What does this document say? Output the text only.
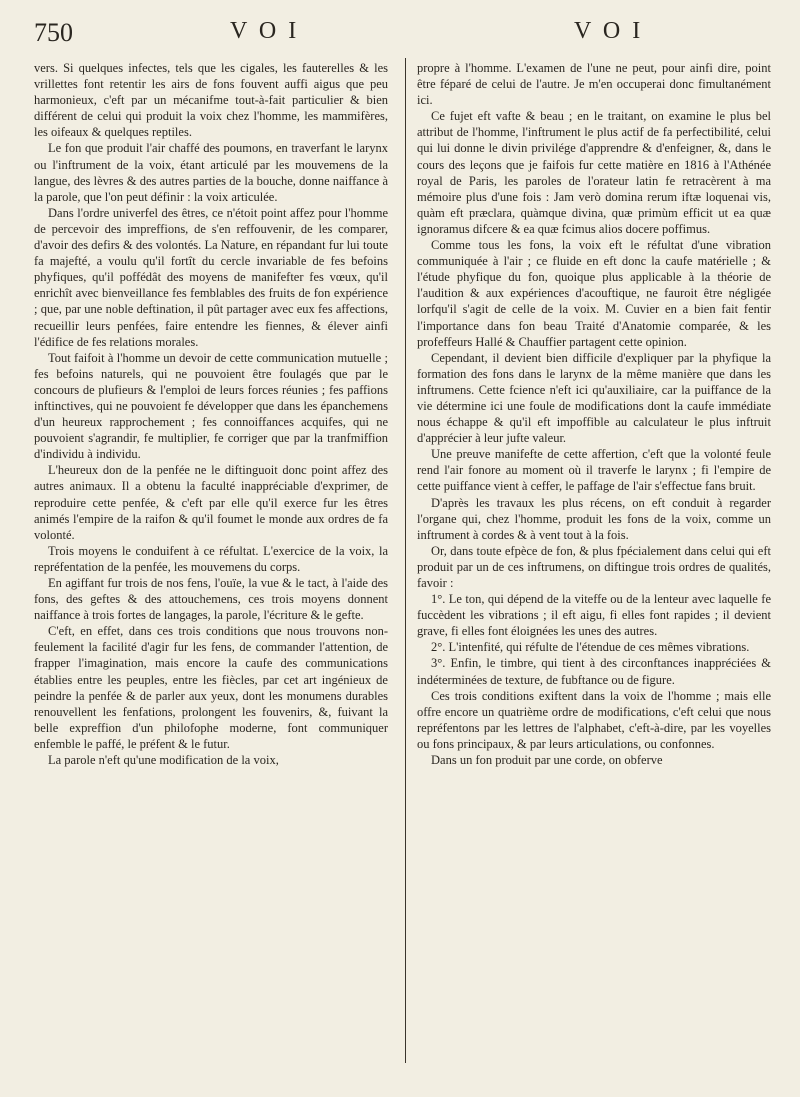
750	V O I	V O I

vers. Si quelques infectes, tels que les cigales, les fauterelles & les vrillettes font retentir les airs de fons fouvent auffi aigus que peu harmonieux, c'eft par un mécanifme tout-à-fait particulier & bien différent de celui qui produit la voix chez l'homme, les mammifères, les oifeaux & quelques reptiles.

Le fon que produit l'air chaffé des poumons, en traverfant le larynx ou l'inftrument de la voix, étant articulé par les mouvemens de la langue, des lèvres & des autres parties de la bouche, donne naiffance à la parole, que l'on peut définir : la voix articulée.

Dans l'ordre univerfel des êtres, ce n'étoit point affez pour l'homme de percevoir des impreffions, de s'en reffouvenir, de les comparer, d'avoir des defirs & des volontés. La Nature, en répandant fur lui toute fa majefté, a voulu qu'il fortît du cercle invariable de fes befoins phyfiques, qu'il poffédât des moyens de manifefter fes vœux, qu'il enrichît avec bienveillance fes femblables des fruits de fon expérience ; que, par une noble deftination, il pût partager avec eux fes affections, recueillir leurs penfées, faire entendre les fiennes, & élever ainfi l'édifice de fes relations morales.

Tout faifoit à l'homme un devoir de cette communication mutuelle ; fes befoins naturels, qui ne pouvoient être foulagés que par le concours de plufieurs & l'emploi de leurs forces réunies ; fes paffions inftinctives, qui ne pouvoient fe développer que dans les épanchemens d'un heureux rapprochement ; fes connoiffances acquifes, qui ne pouvoient s'agrandir, fe multiplier, fe corriger que par la tranfmiffion d'individu à individu.

L'heureux don de la penfée ne le diftinguoit donc point affez des autres animaux. Il a obtenu la faculté inappréciable d'exprimer, de reproduire cette penfée, & c'eft par elle qu'il exerce fur les êtres animés l'empire de la raifon & qu'il foumet le monde aux ordres de fa volonté.

Trois moyens le conduifent à ce réfultat. L'exercice de la voix, la repréfentation de la penfée, les mouvemens du corps.

En agiffant fur trois de nos fens, l'ouïe, la vue & le tact, à l'aide des fons, des geftes & des attouchemens, ces trois moyens donnent naiffance à trois fortes de langages, la parole, l'écriture & le gefte.

C'eft, en effet, dans ces trois conditions que nous trouvons non-feulement la facilité d'agir fur les fens, de commander l'attention, de frapper l'imagination, mais encore la caufe des communications établies entre les peuples, entre les fiècles, par cet art ingénieux de peindre la penfée & de parler aux yeux, dont les monumens durables renouvellent les fenfations, prolongent les fouvenirs, &, fuivant la belle expreffion d'un philofophe moderne, font communiquer enfemble le paffé, le préfent & le futur.

La parole n'eft qu'une modification de la voix,

propre à l'homme. L'examen de l'une ne peut, pour ainfi dire, point être féparé de celui de l'autre. Je m'en occuperai donc fimultanément ici.

Ce fujet eft vafte & beau ; en le traitant, on examine le plus bel attribut de l'homme, l'inftrument le plus actif de fa perfectibilité, celui qui lui donne le divin privilége d'apprendre & d'enfeigner, &, dans le cours des leçons que je faifois fur cette matière en 1816 à l'Athénée royal de Paris, les paroles de l'orateur latin fe retracèrent à ma mémoire plus d'une fois : Jam verò domina rerum iftæ loquenai vis, quàm eft præclara, quàmque divina, quæ primùm efficit ut ea quæ ignoramus difcere & ea quæ fcimus alios docere poffimus.

Comme tous les fons, la voix eft le réfultat d'une vibration communiquée à l'air ; ce fluide en eft donc la caufe matérielle ; & l'étude phyfique du fon, quoique plus applicable à la théorie de l'audition & aux expériences d'acouftique, ne fauroit être négligée lorfqu'il s'agit de celle de la voix. M. Cuvier en a bien fait fentir l'importance dans fon beau Traité d'Anatomie comparée, & les profeffeurs Hallé & Chauffier partagent cette opinion.

Cependant, il devient bien difficile d'expliquer par la phyfique la formation des fons dans le larynx de la même manière que dans les inftrumens. Cette fcience n'eft ici qu'auxiliaire, car la puiffance de la vie détermine ici une foule de modifications dont la caufe immédiate nous échappe & qu'il eft impoffible au calculateur le plus inftruit d'apprécier à leur jufte valeur.

Une preuve manifefte de cette affertion, c'eft que la volonté feule rend l'air fonore au moment où il traverfe le larynx ; fi l'empire de cette puiffance vient à ceffer, le paffage de l'air s'effectue fans bruit.

D'après les travaux les plus récens, on eft conduit à regarder l'organe qui, chez l'homme, produit les fons de la voix, comme un inftrument à cordes & à vent tout à la fois.

Or, dans toute efpèce de fon, & plus fpécialement dans celui qui eft produit par un de ces inftrumens, on diftingue trois ordres de qualités, favoir :

1°. Le ton, qui dépend de la viteffe ou de la lenteur avec laquelle fe fuccèdent les vibrations ; il eft aigu, fi elles font rapides ; il devient grave, fi elles font éloignées les unes des autres.

2°. L'intenfité, qui réfulte de l'étendue de ces mêmes vibrations.

3°. Enfin, le timbre, qui tient à des circonftances inappréciées & indéterminées de texture, de fubftance ou de figure.

Ces trois conditions exiftent dans la voix de l'homme ; mais elle offre encore un quatrième ordre de modifications, c'eft celui que nous repréfentons par les lettres de l'alphabet, c'eft-à-dire, par les voyelles ou fons principaux, & par leurs articulations, ou confonnes.

Dans un fon produit par une corde, on obferve
